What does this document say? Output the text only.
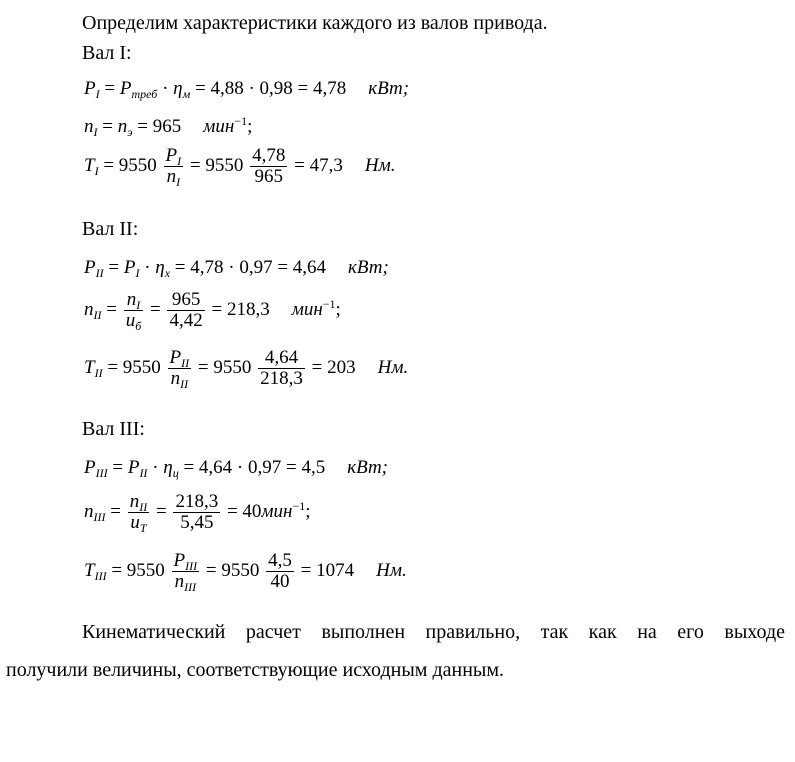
Определим характеристики каждого из валов привода.
Вал I:
$P_I = P_{треб} \cdot \eta_м = 4,88 \cdot 0,98 = 4,78$ кВт;
$n_I = n_э = 965$ мин$^{-1}$;
$T_I = 9550 \frac{P_I}{n_I} = 9550 \frac{4,78}{965} = 47,3$ Нм.
Вал II:
$P_{II} = P_I \cdot \eta_x = 4,78 \cdot 0,97 = 4,64$ кВт;
$n_{II} = \frac{n_I}{u_б} = \frac{965}{4,42} = 218,3$ мин$^{-1}$;
$T_{II} = 9550 \frac{P_{II}}{n_{II}} = 9550 \frac{4,64}{218,3} = 203$ Нм.
Вал III:
$P_{III} = P_{II} \cdot \eta_ц = 4,64 \cdot 0,97 = 4,5$ кВт;
$n_{III} = \frac{n_{II}}{u_Т} = \frac{218,3}{5,45} = 40мин^{-1}$;
$T_{III} = 9550 \frac{P_{III}}{n_{III}} = 9550 \frac{4,5}{40} = 1074$ Нм.
Кинематический расчет выполнен правильно, так как на его выходе
получили величины, соответствующие исходным данным.
